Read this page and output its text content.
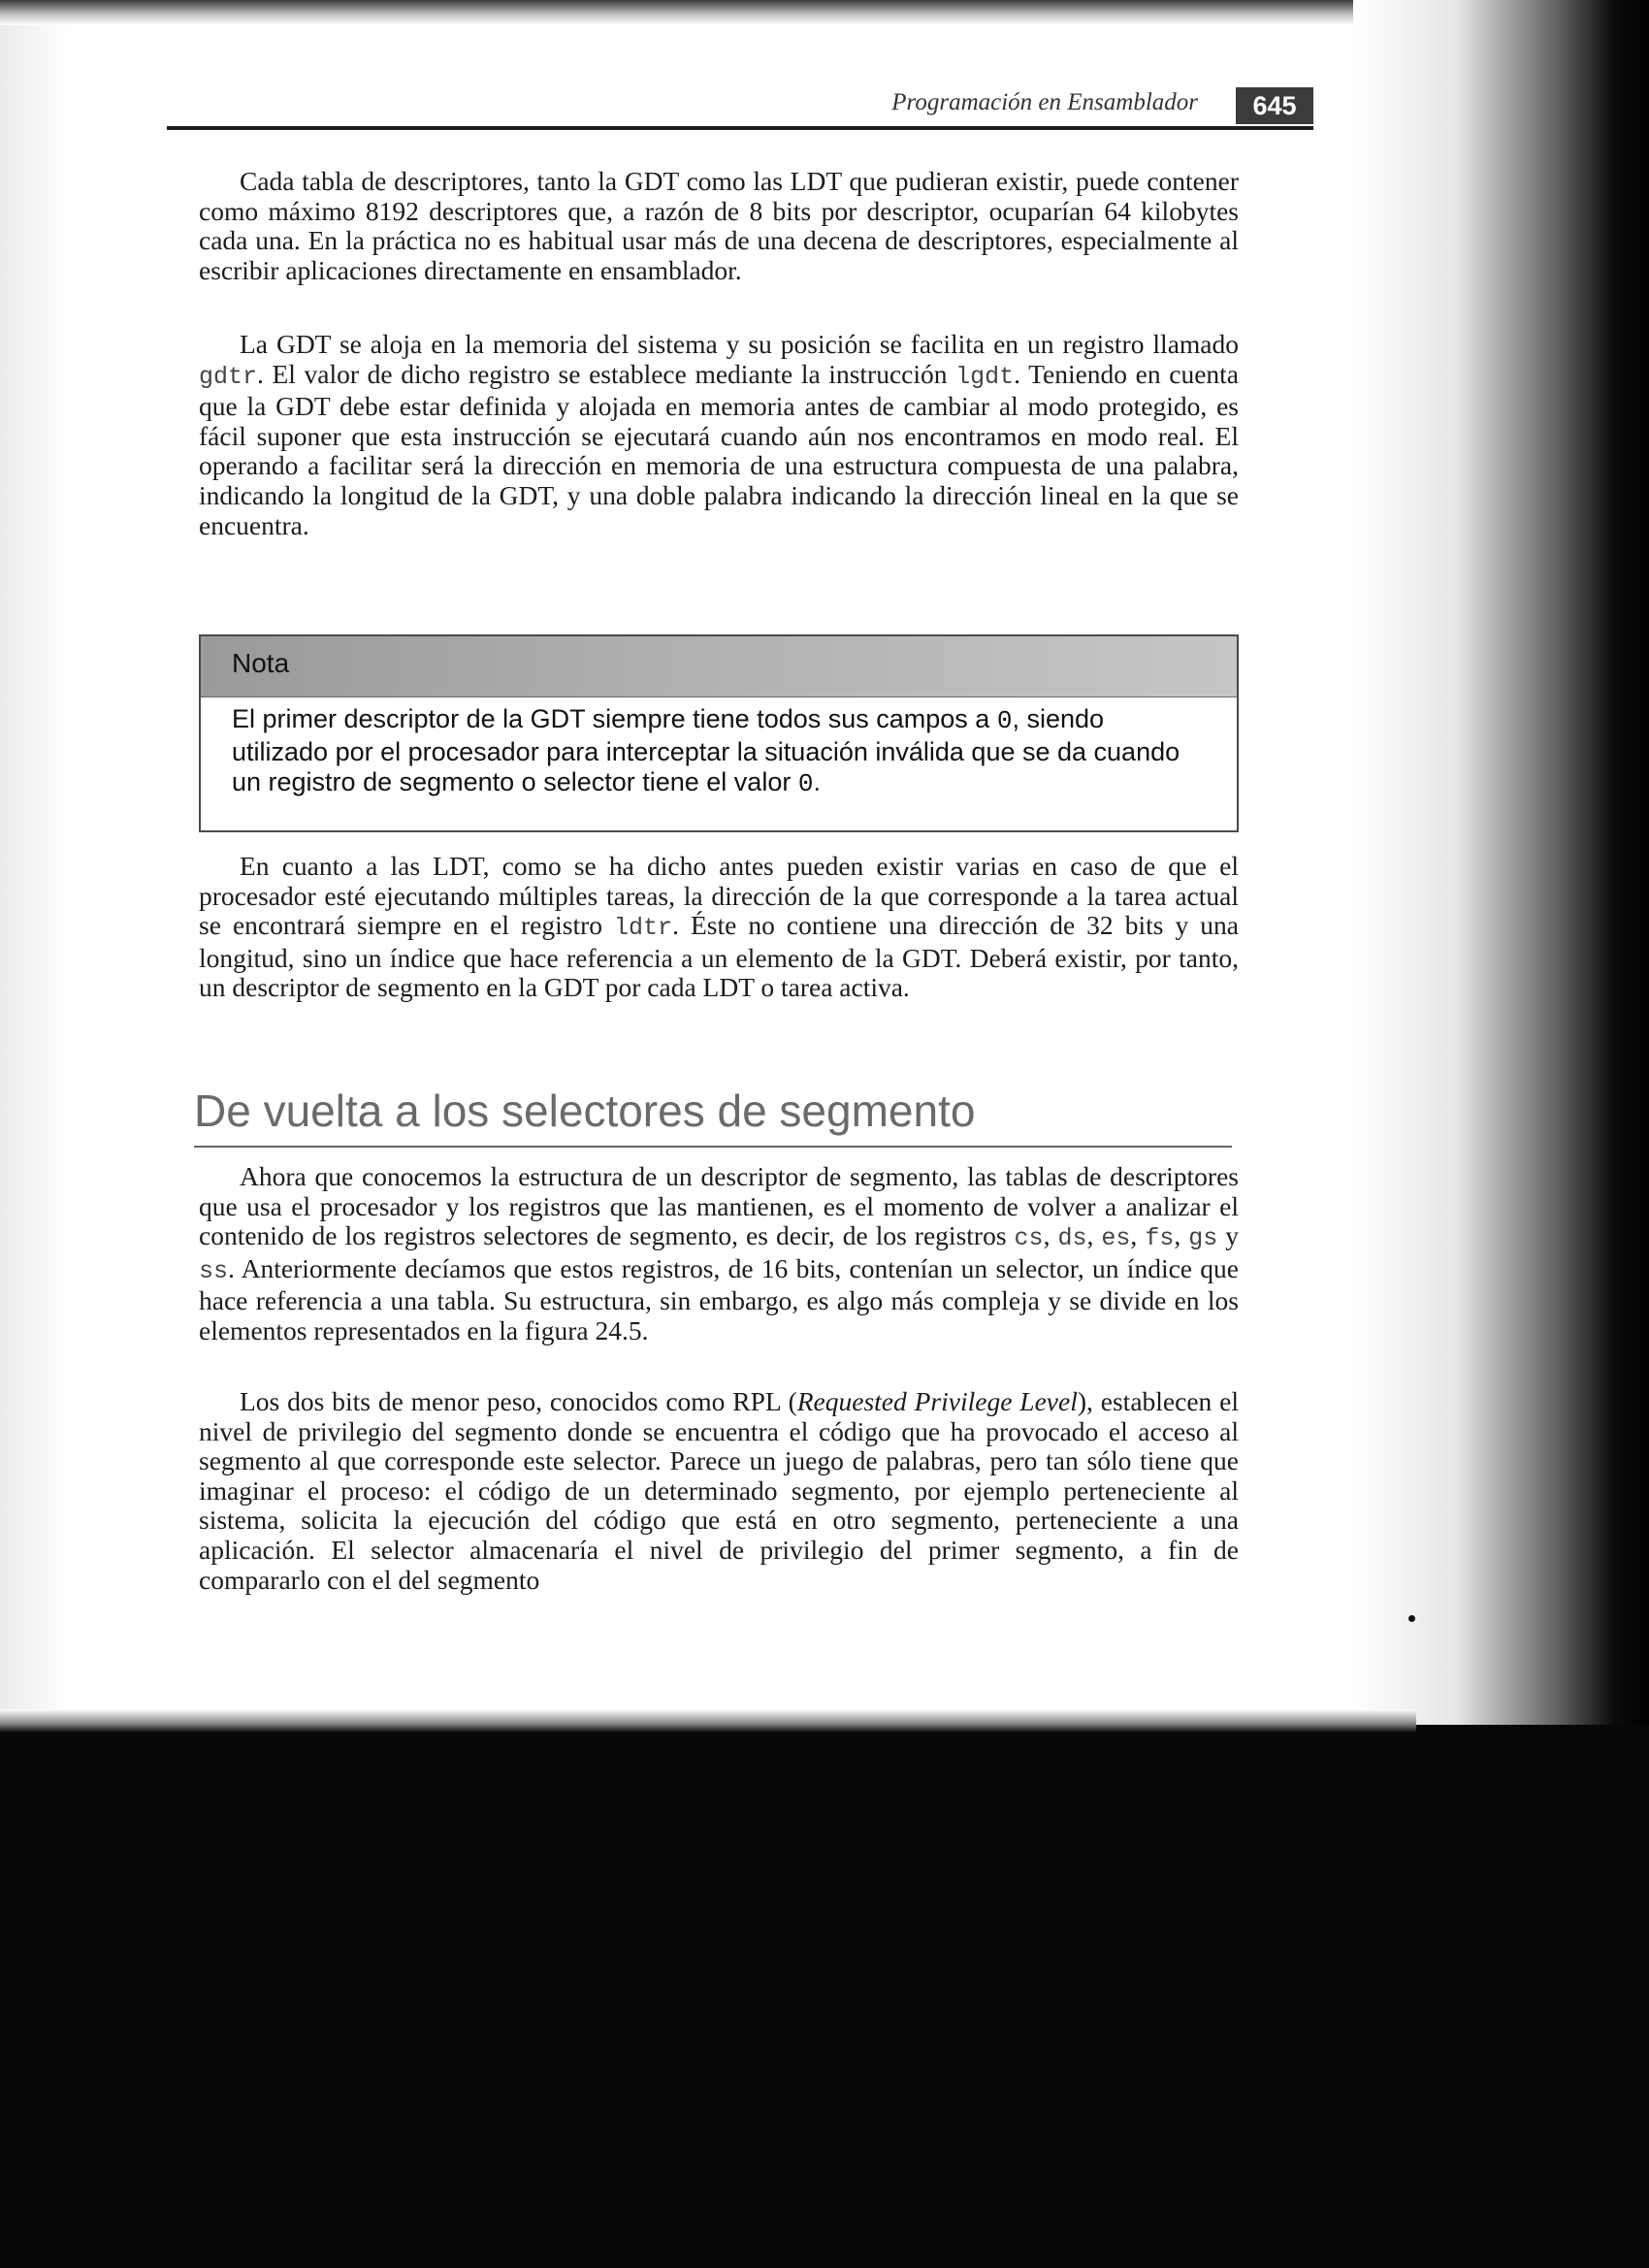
Programación en Ensamblador	645

Cada tabla de descriptores, tanto la GDT como las LDT que pudieran existir, puede contener como máximo 8192 descriptores que, a razón de 8 bits por descriptor, ocuparían 64 kilobytes cada una. En la práctica no es habitual usar más de una decena de descriptores, especialmente al escribir aplicaciones directamente en ensamblador.

La GDT se aloja en la memoria del sistema y su posición se facilita en un registro llamado gdtr. El valor de dicho registro se establece mediante la instrucción lgdt. Teniendo en cuenta que la GDT debe estar definida y alojada en memoria antes de cambiar al modo protegido, es fácil suponer que esta instrucción se ejecutará cuando aún nos encontramos en modo real. El operando a facilitar será la dirección en memoria de una estructura compuesta de una palabra, indicando la longitud de la GDT, y una doble palabra indicando la dirección lineal en la que se encuentra.

Nota

El primer descriptor de la GDT siempre tiene todos sus campos a 0, siendo utilizado por el procesador para interceptar la situación inválida que se da cuando un registro de segmento o selector tiene el valor 0.

En cuanto a las LDT, como se ha dicho antes pueden existir varias en caso de que el procesador esté ejecutando múltiples tareas, la dirección de la que corresponde a la tarea actual se encontrará siempre en el registro ldtr. Éste no contiene una dirección de 32 bits y una longitud, sino un índice que hace referencia a un elemento de la GDT. Deberá existir, por tanto, un descriptor de segmento en la GDT por cada LDT o tarea activa.

De vuelta a los selectores de segmento

Ahora que conocemos la estructura de un descriptor de segmento, las tablas de descriptores que usa el procesador y los registros que las mantienen, es el momento de volver a analizar el contenido de los registros selectores de segmento, es decir, de los registros cs, ds, es, fs, gs y ss. Anteriormente decíamos que estos registros, de 16 bits, contenían un selector, un índice que hace referencia a una tabla. Su estructura, sin embargo, es algo más compleja y se divide en los elementos representados en la figura 24.5.

Los dos bits de menor peso, conocidos como RPL (Requested Privilege Level), establecen el nivel de privilegio del segmento donde se encuentra el código que ha provocado el acceso al segmento al que corresponde este selector. Parece un juego de palabras, pero tan sólo tiene que imaginar el proceso: el código de un determinado segmento, por ejemplo perteneciente al sistema, solicita la ejecución del código que está en otro segmento, perteneciente a una aplicación. El selector almacenaría el nivel de privilegio del primer segmento, a fin de compararlo con el del segmento
